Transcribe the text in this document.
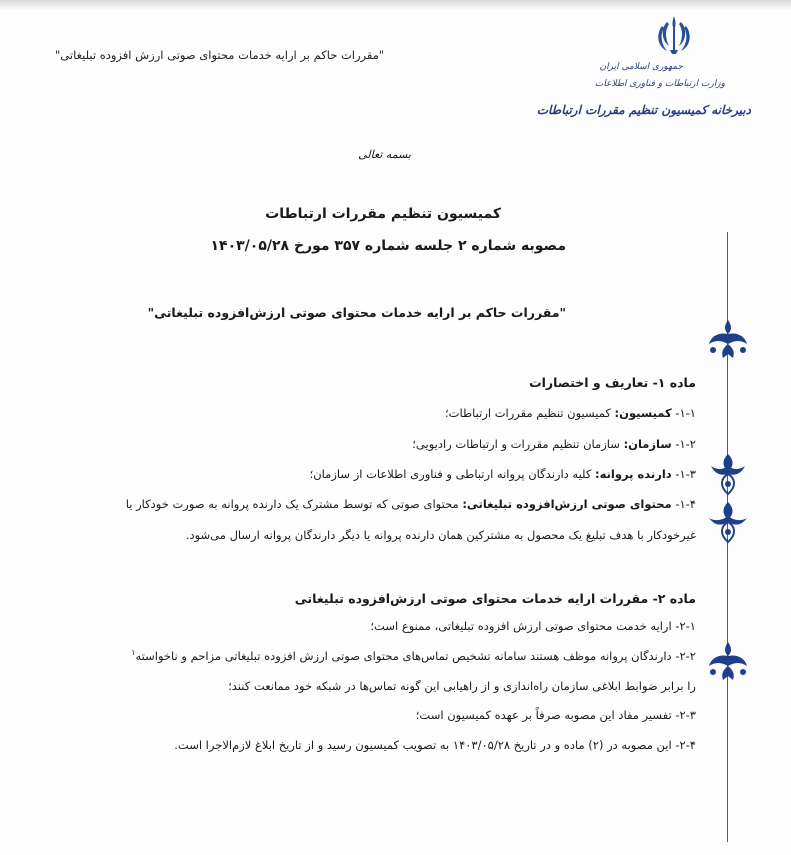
"مقررات حاکم بر ارایه خدمات محتوای صوتی ارزش افزوده تبلیغاتی"
جمهوری اسلامی ایران
وزارت ارتباطات و فناوری اطلاعات
دبیرخانه کمیسیون تنظیم مقررات ارتباطات
بسمه تعالی
کمیسیون تنظیم مقررات ارتباطات
مصوبه شماره ۲ جلسه شماره ۳۵۷ مورخ ۱۴۰۳/۰۵/۲۸
"مقررات حاکم بر ارایه خدمات محتوای صوتی ارزش‌افزوده تبلیغاتی"
ماده ۱- تعاریف و اختصارات
۱-۱- کمیسیون: کمیسیون تنظیم مقررات ارتباطات؛
۱-۲- سازمان: سازمان تنظیم مقررات و ارتباطات رادیویی؛
۱-۳- دارنده پروانه: کلیه دارندگان پروانه ارتباطی و فناوری اطلاعات از سازمان؛
۱-۴- محتوای صوتی ارزش‌افزوده تبلیغاتی: محتوای صوتی که توسط مشترک یک دارنده پروانه به صورت خودکار یا
غیرخودکار با هدف تبلیغ یک محصول به مشترکین همان دارنده پروانه یا دیگر دارندگان پروانه ارسال می‌شود.
ماده ۲- مقررات ارایه خدمات محتوای صوتی ارزش‌افزوده تبلیغاتی
۲-۱- ارایه خدمت محتوای صوتی ارزش افزوده تبلیغاتی، ممنوع است؛
۲-۲- دارندگان پروانه موظف هستند سامانه تشخیص تماس‌های محتوای صوتی ارزش افزوده تبلیغاتی مزاحم و ناخواسته$^۱$
را برابر ضوابط ابلاغی سازمان راه‌اندازی و از راهیابی این گونه تماس‌ها در شبکه خود ممانعت کنند؛
۲-۳- تفسیر مفاد این مصوبه صرفاً بر عهده کمیسیون است؛
۲-۴- این مصوبه در (۲) ماده و در تاریخ ۱۴۰۳/۰۵/۲۸ به تصویب کمیسیون رسید و از تاریخ ابلاغ لازم‌الاجرا است.
